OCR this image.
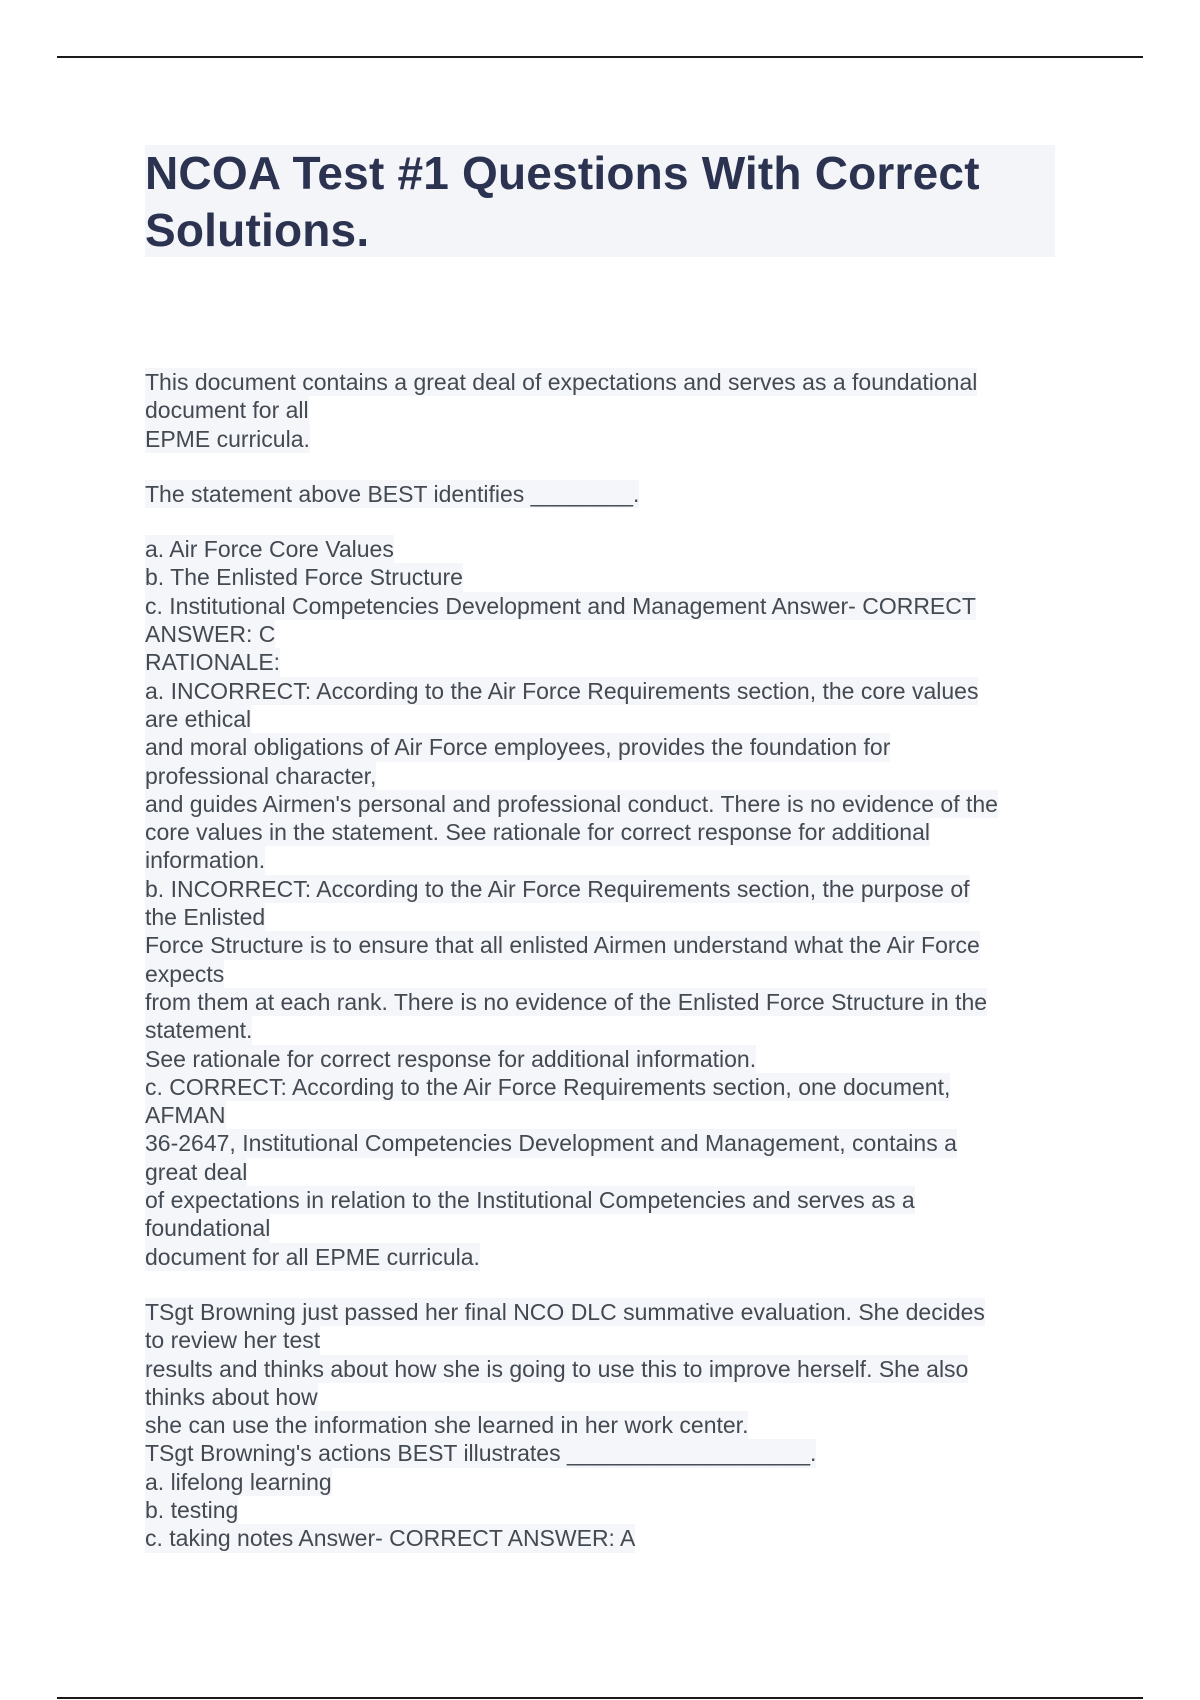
NCOA Test #1 Questions With Correct Solutions.
This document contains a great deal of expectations and serves as a foundational
document for all
EPME curricula.
The statement above BEST identifies ________.
a. Air Force Core Values
b. The Enlisted Force Structure
c. Institutional Competencies Development and Management Answer- CORRECT
ANSWER: C
RATIONALE:
a. INCORRECT: According to the Air Force Requirements section, the core values
are ethical
and moral obligations of Air Force employees, provides the foundation for
professional character,
and guides Airmen's personal and professional conduct. There is no evidence of the
core values in the statement. See rationale for correct response for additional
information.
b. INCORRECT: According to the Air Force Requirements section, the purpose of
the Enlisted
Force Structure is to ensure that all enlisted Airmen understand what the Air Force
expects
from them at each rank. There is no evidence of the Enlisted Force Structure in the
statement.
See rationale for correct response for additional information.
c. CORRECT: According to the Air Force Requirements section, one document,
AFMAN
36-2647, Institutional Competencies Development and Management, contains a
great deal
of expectations in relation to the Institutional Competencies and serves as a
foundational
document for all EPME curricula.
TSgt Browning just passed her final NCO DLC summative evaluation. She decides
to review her test
results and thinks about how she is going to use this to improve herself. She also
thinks about how
she can use the information she learned in her work center.
TSgt Browning's actions BEST illustrates ___________________.
a. lifelong learning
b. testing
c. taking notes Answer- CORRECT ANSWER: A
